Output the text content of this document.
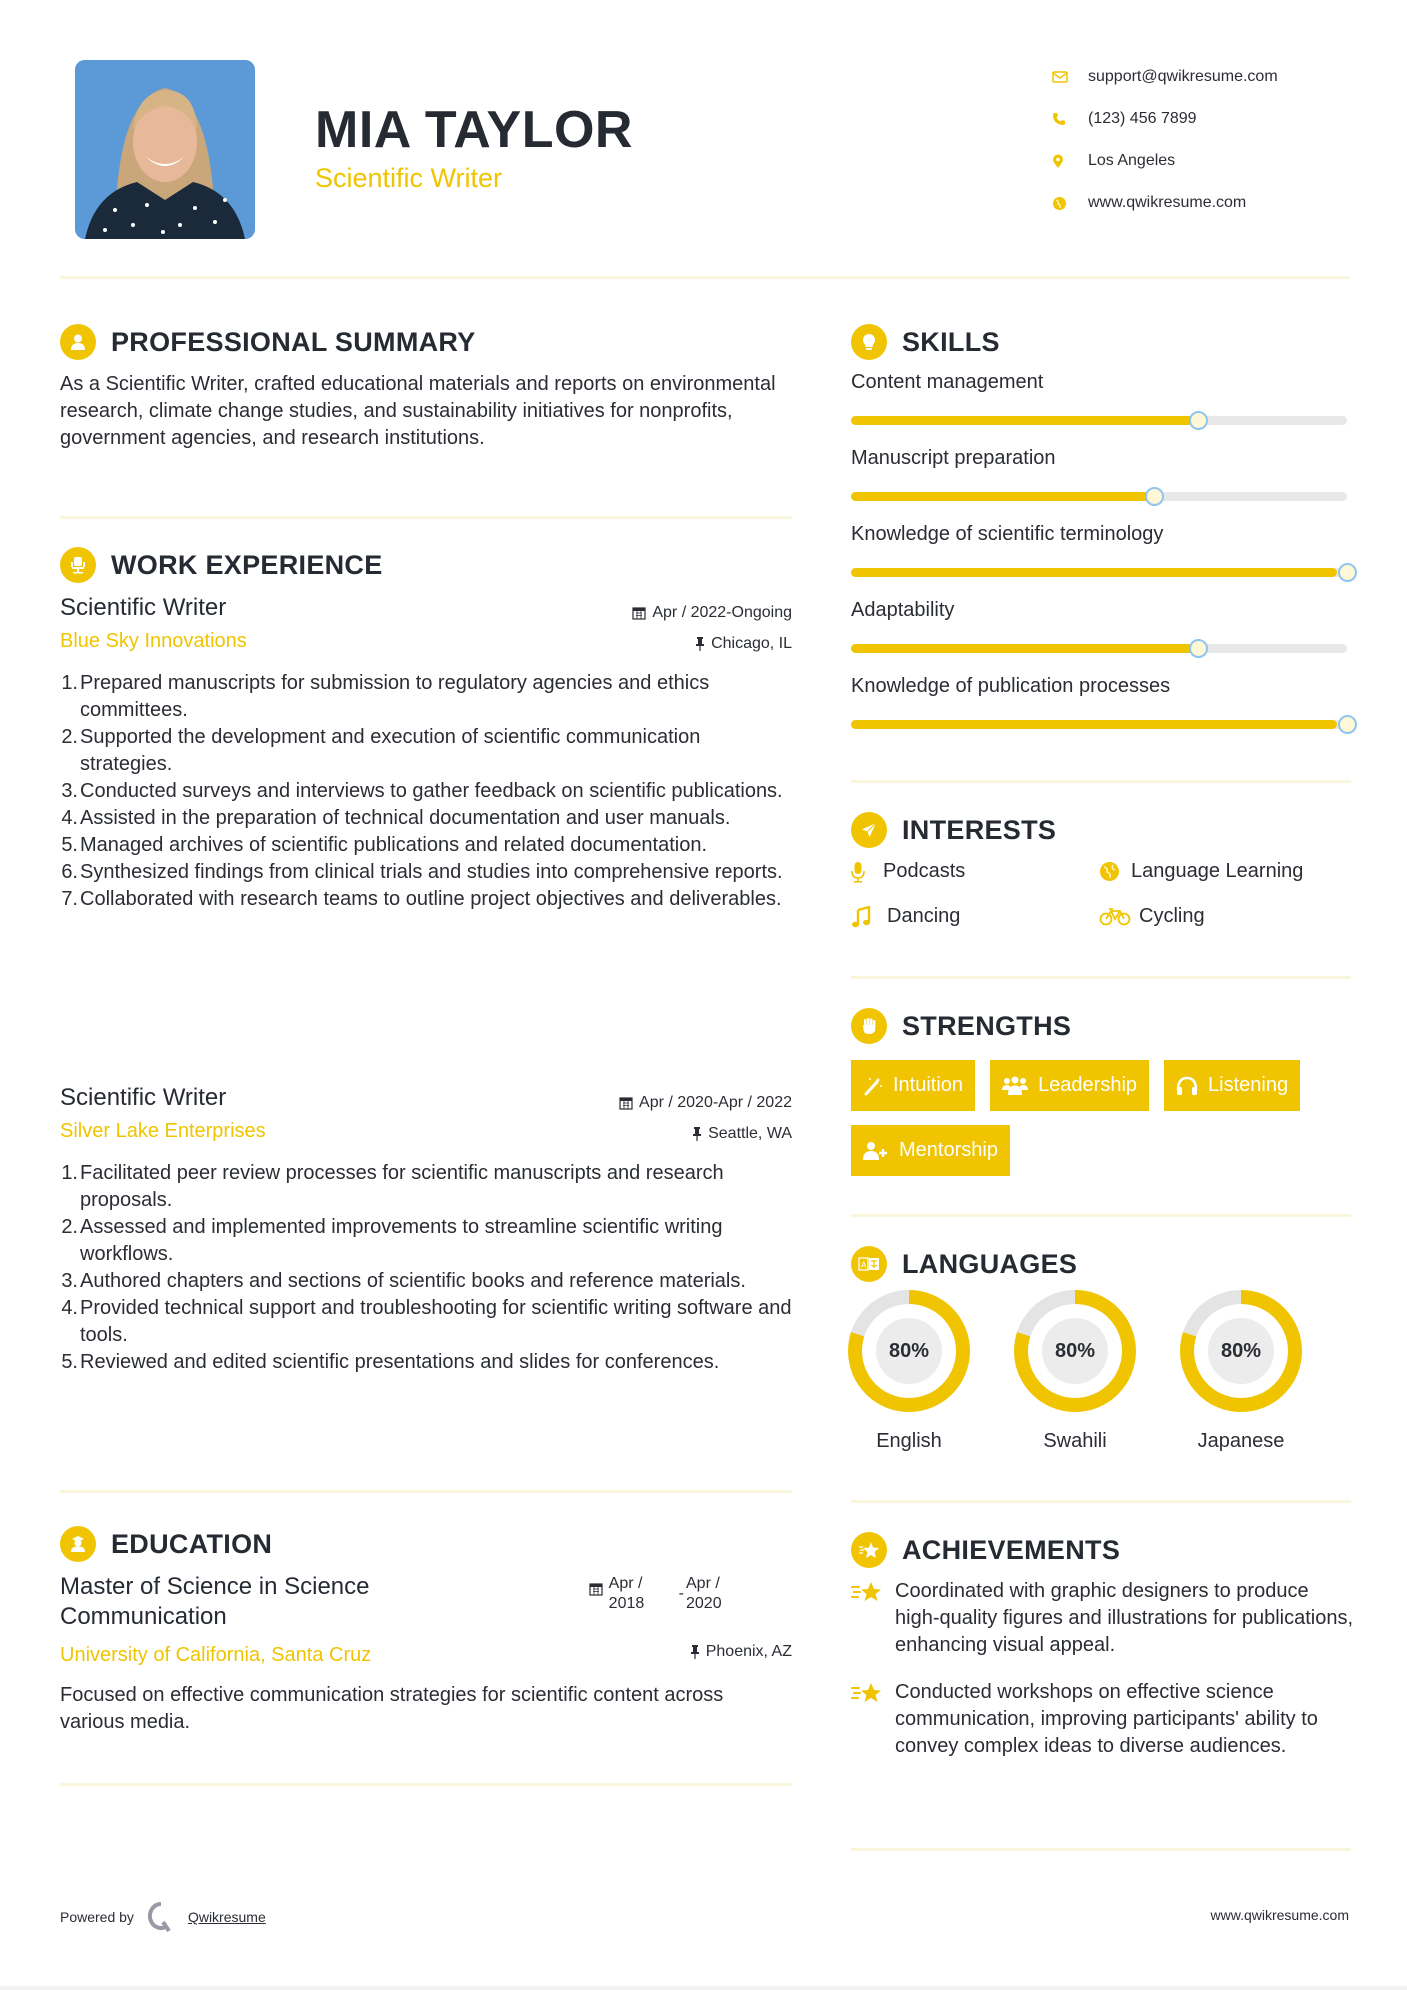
MIA TAYLOR
Scientific Writer
support@qwikresume.com
(123) 456 7899
Los Angeles
www.qwikresume.com
PROFESSIONAL SUMMARY
As a Scientific Writer, crafted educational materials and reports on environmental research, climate change studies, and sustainability initiatives for nonprofits, government agencies, and research institutions.
WORK EXPERIENCE
Scientific Writer
Blue Sky Innovations
Apr / 2022-Ongoing
Chicago, IL
1. Prepared manuscripts for submission to regulatory agencies and ethics committees.
2. Supported the development and execution of scientific communication strategies.
3. Conducted surveys and interviews to gather feedback on scientific publications.
4. Assisted in the preparation of technical documentation and user manuals.
5. Managed archives of scientific publications and related documentation.
6. Synthesized findings from clinical trials and studies into comprehensive reports.
7. Collaborated with research teams to outline project objectives and deliverables.
Scientific Writer
Silver Lake Enterprises
Apr / 2020-Apr / 2022
Seattle, WA
1. Facilitated peer review processes for scientific manuscripts and research proposals.
2. Assessed and implemented improvements to streamline scientific writing workflows.
3. Authored chapters and sections of scientific books and reference materials.
4. Provided technical support and troubleshooting for scientific writing software and tools.
5. Reviewed and edited scientific presentations and slides for conferences.
EDUCATION
Master of Science in Science Communication
University of California, Santa Cruz
Focused on effective communication strategies for scientific content across various media.
Apr / 2018
-
Apr / 2020
Phoenix, AZ
SKILLS
Content management
Manuscript preparation
Knowledge of scientific terminology
Adaptability
Knowledge of publication processes
INTERESTS
Podcasts	Language Learning
Dancing	Cycling
STRENGTHS
Intuition	Leadership	Listening
Mentorship
A LANGUAGES
80%
English
80%
Swahili
80%
Japanese
ACHIEVEMENTS
Coordinated with graphic designers to produce high-quality figures and illustrations for publications, enhancing visual appeal.
Conducted workshops on effective science communication, improving participants' ability to convey complex ideas to diverse audiences.
Powered by	Qwikresume	www.qwikresume.com
